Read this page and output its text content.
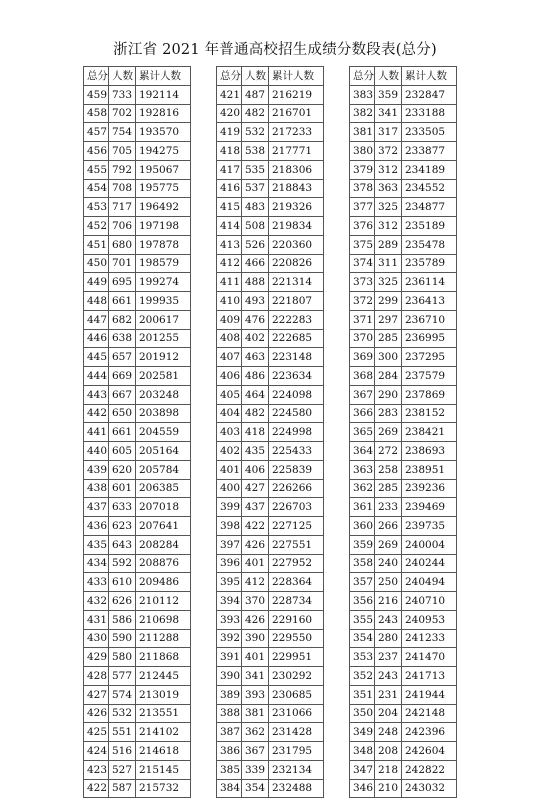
浙江省 2021 年普通高校招生成绩分数段表(总分)
总分	人数	累计人数
459	733	192114
458	702	192816
457	754	193570
456	705	194275
455	792	195067
454	708	195775
453	717	196492
452	706	197198
451	680	197878
450	701	198579
449	695	199274
448	661	199935
447	682	200617
446	638	201255
445	657	201912
444	669	202581
443	667	203248
442	650	203898
441	661	204559
440	605	205164
439	620	205784
438	601	206385
437	633	207018
436	623	207641
435	643	208284
434	592	208876
433	610	209486
432	626	210112
431	586	210698
430	590	211288
429	580	211868
428	577	212445
427	574	213019
426	532	213551
425	551	214102
424	516	214618
423	527	215145
422	587	215732
总分	人数	累计人数
421	487	216219
420	482	216701
419	532	217233
418	538	217771
417	535	218306
416	537	218843
415	483	219326
414	508	219834
413	526	220360
412	466	220826
411	488	221314
410	493	221807
409	476	222283
408	402	222685
407	463	223148
406	486	223634
405	464	224098
404	482	224580
403	418	224998
402	435	225433
401	406	225839
400	427	226266
399	437	226703
398	422	227125
397	426	227551
396	401	227952
395	412	228364
394	370	228734
393	426	229160
392	390	229550
391	401	229951
390	341	230292
389	393	230685
388	381	231066
387	362	231428
386	367	231795
385	339	232134
384	354	232488
总分	人数	累计人数
383	359	232847
382	341	233188
381	317	233505
380	372	233877
379	312	234189
378	363	234552
377	325	234877
376	312	235189
375	289	235478
374	311	235789
373	325	236114
372	299	236413
371	297	236710
370	285	236995
369	300	237295
368	284	237579
367	290	237869
366	283	238152
365	269	238421
364	272	238693
363	258	238951
362	285	239236
361	233	239469
360	266	239735
359	269	240004
358	240	240244
357	250	240494
356	216	240710
355	243	240953
354	280	241233
353	237	241470
352	243	241713
351	231	241944
350	204	242148
349	248	242396
348	208	242604
347	218	242822
346	210	243032
